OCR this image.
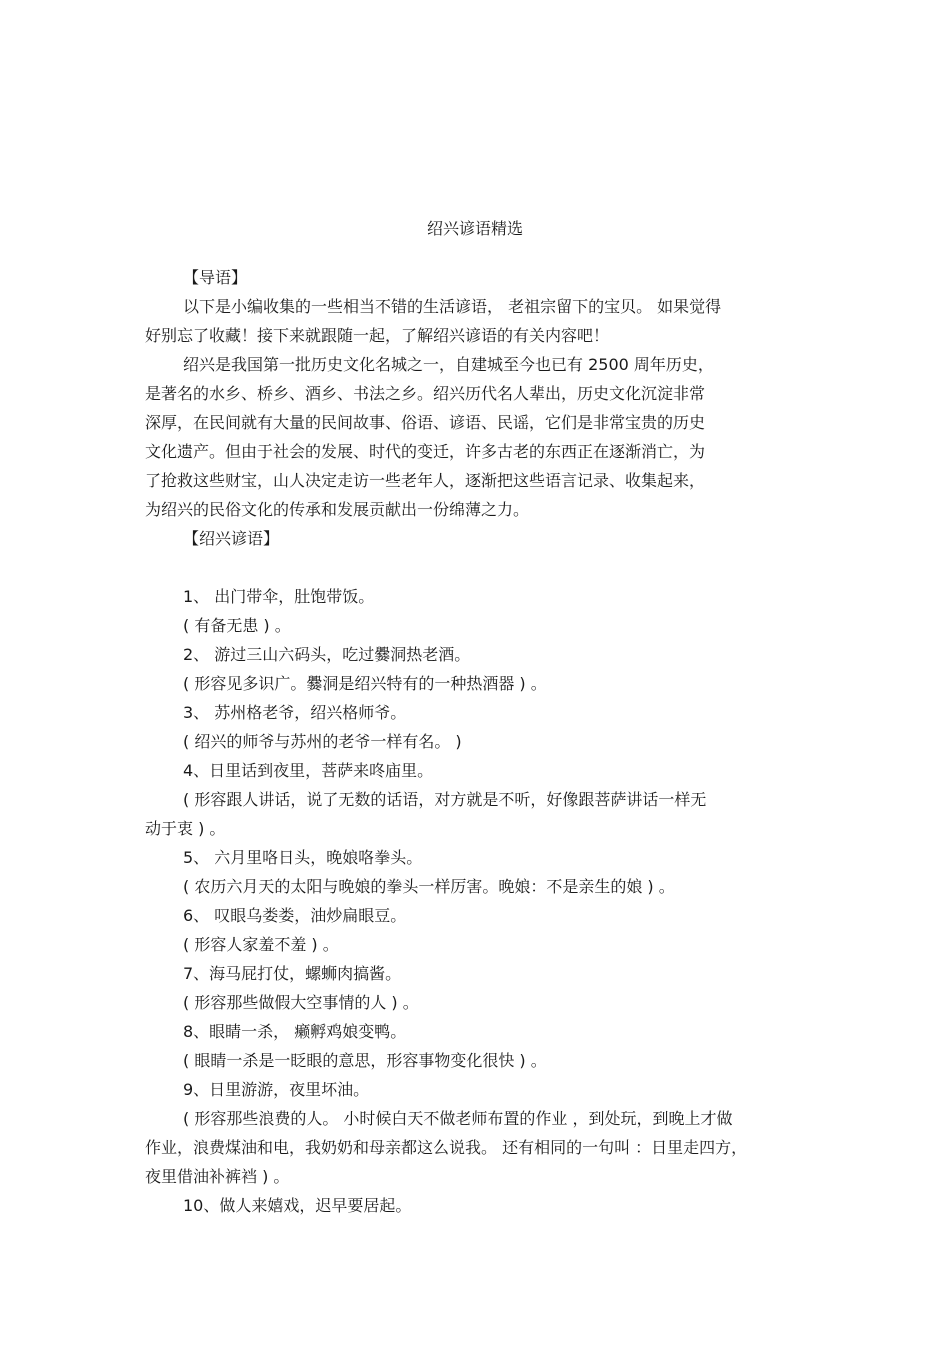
绍兴谚语精选

【导语】

以下是小编收集的一些相当不错的生活谚语， 老祖宗留下的宝贝。 如果觉得

好别忘了收藏！接下来就跟随一起，了解绍兴谚语的有关内容吧！

绍兴是我国第一批历史文化名城之一，自建城至今也已有 2500 周年历史，

是著名的水乡、桥乡、酒乡、书法之乡。绍兴历代名人辈出，历史文化沉淀非常

深厚，在民间就有大量的民间故事、俗语、谚语、民谣，它们是非常宝贵的历史

文化遗产。但由于社会的发展、时代的变迁，许多古老的东西正在逐渐消亡，为

了抢救这些财宝，山人决定走访一些老年人，逐渐把这些语言记录、收集起来，

为绍兴的民俗文化的传承和发展贡献出一份绵薄之力。

【绍兴谚语】

1、 出门带伞，肚饱带饭。

( 有备无患 ) 。

2、 游过三山六码头，吃过爨洞热老酒。

( 形容见多识广。爨洞是绍兴特有的一种热酒器 ) 。

3、 苏州格老爷，绍兴格师爷。

( 绍兴的师爷与苏州的老爷一样有名。 )

4、日里话到夜里，菩萨来咚庙里。

( 形容跟人讲话，说了无数的话语，对方就是不听，好像跟菩萨讲话一样无

动于衷 ) 。

5、 六月里咯日头，晚娘咯拳头。

( 农历六月天的太阳与晚娘的拳头一样厉害。晚娘：不是亲生的娘 ) 。

6、 叹眼乌娄娄，油炒扁眼豆。

( 形容人家羞不羞 ) 。

7、海马屁打仗，螺蛳肉搞酱。

( 形容那些做假大空事情的人 ) 。

8、眼睛一杀， 癞孵鸡娘变鸭。

( 眼睛一杀是一眨眼的意思，形容事物变化很快 ) 。

9、日里游游，夜里坏油。

( 形容那些浪费的人。 小时候白天不做老师布置的作业 ，到处玩，到晚上才做

作业，浪费煤油和电，我奶奶和母亲都这么说我。 还有相同的一句叫 ：日里走四方，

夜里借油补裤裆 ) 。

10、做人来嬉戏，迟早要居起。
